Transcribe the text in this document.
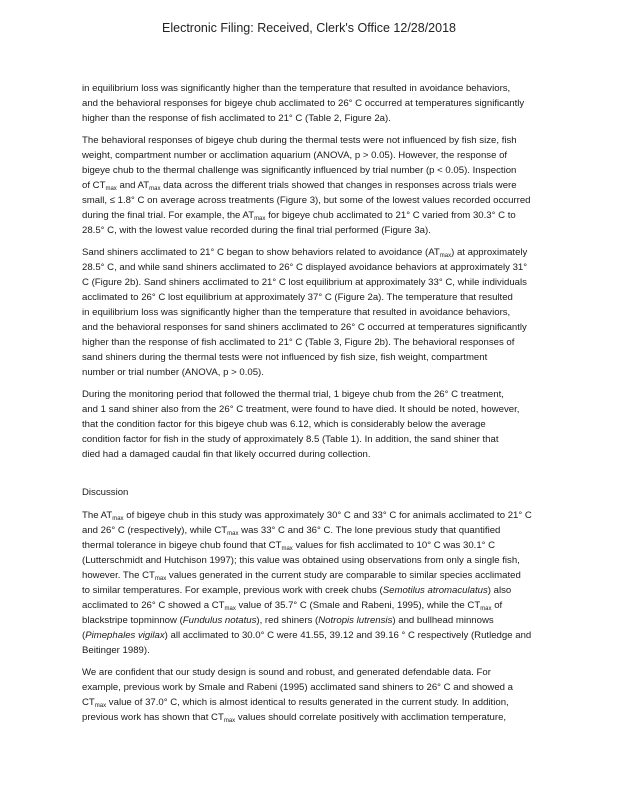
Electronic Filing: Received, Clerk's Office 12/28/2018
in equilibrium loss was significantly higher than the temperature that resulted in avoidance behaviors,
and the behavioral responses for bigeye chub acclimated to 26° C occurred at temperatures significantly
higher than the response of fish acclimated to 21° C (Table 2, Figure 2a).
The behavioral responses of bigeye chub during the thermal tests were not influenced by fish size, fish
weight, compartment number or acclimation aquarium (ANOVA, p > 0.05). However, the response of
bigeye chub to the thermal challenge was significantly influenced by trial number (p < 0.05). Inspection
of $CT_{max}$ and $AT_{max}$ data across the different trials showed that changes in responses across trials were
small, ≤ 1.8° C on average across treatments (Figure 3), but some of the lowest values recorded occurred
during the final trial. For example, the $AT_{max}$ for bigeye chub acclimated to 21° C varied from 30.3° C to
28.5° C, with the lowest value recorded during the final trial performed (Figure 3a).
Sand shiners acclimated to 21° C began to show behaviors related to avoidance $(AT_{max})$ at approximately
28.5° C, and while sand shiners acclimated to 26° C displayed avoidance behaviors at approximately 31°
C (Figure 2b). Sand shiners acclimated to 21° C lost equilibrium at approximately 33° C, while individuals
acclimated to 26° C lost equilibrium at approximately 37° C (Figure 2a). The temperature that resulted
in equilibrium loss was significantly higher than the temperature that resulted in avoidance behaviors,
and the behavioral responses for sand shiners acclimated to 26° C occurred at temperatures significantly
higher than the response of fish acclimated to 21° C (Table 3, Figure 2b). The behavioral responses of
sand shiners during the thermal tests were not influenced by fish size, fish weight, compartment
number or trial number (ANOVA, p > 0.05).
During the monitoring period that followed the thermal trial, 1 bigeye chub from the 26° C treatment,
and 1 sand shiner also from the 26° C treatment, were found to have died. It should be noted, however,
that the condition factor for this bigeye chub was 6.12, which is considerably below the average
condition factor for fish in the study of approximately 8.5 (Table 1). In addition, the sand shiner that
died had a damaged caudal fin that likely occurred during collection.
Discussion
The $AT_{max}$ of bigeye chub in this study was approximately 30° C and 33° C for animals acclimated to 21° C
and 26° C (respectively), while $CT_{max}$ was 33° C and 36° C. The lone previous study that quantified
thermal tolerance in bigeye chub found that $CT_{max}$ values for fish acclimated to 10° C was 30.1° C
(Lutterschmidt and Hutchison 1997); this value was obtained using observations from only a single fish,
however. The $CT_{max}$ values generated in the current study are comparable to similar species acclimated
to similar temperatures. For example, previous work with creek chubs (Semotilus atromaculatus) also
acclimated to 26° C showed a $CT_{max}$ value of 35.7° C (Smale and Rabeni, 1995), while the $CT_{max}$ of
blackstripe topminnow (Fundulus notatus), red shiners (Notropis lutrensis) and bullhead minnows
(Pimephales vigilax) all acclimated to 30.0° C were 41.55, 39.12 and 39.16 ° C respectively (Rutledge and
Beitinger 1989).
We are confident that our study design is sound and robust, and generated defendable data. For
example, previous work by Smale and Rabeni (1995) acclimated sand shiners to 26° C and showed a
$CT_{max}$ value of 37.0° C, which is almost identical to results generated in the current study. In addition,
previous work has shown that $CT_{max}$ values should correlate positively with acclimation temperature,
